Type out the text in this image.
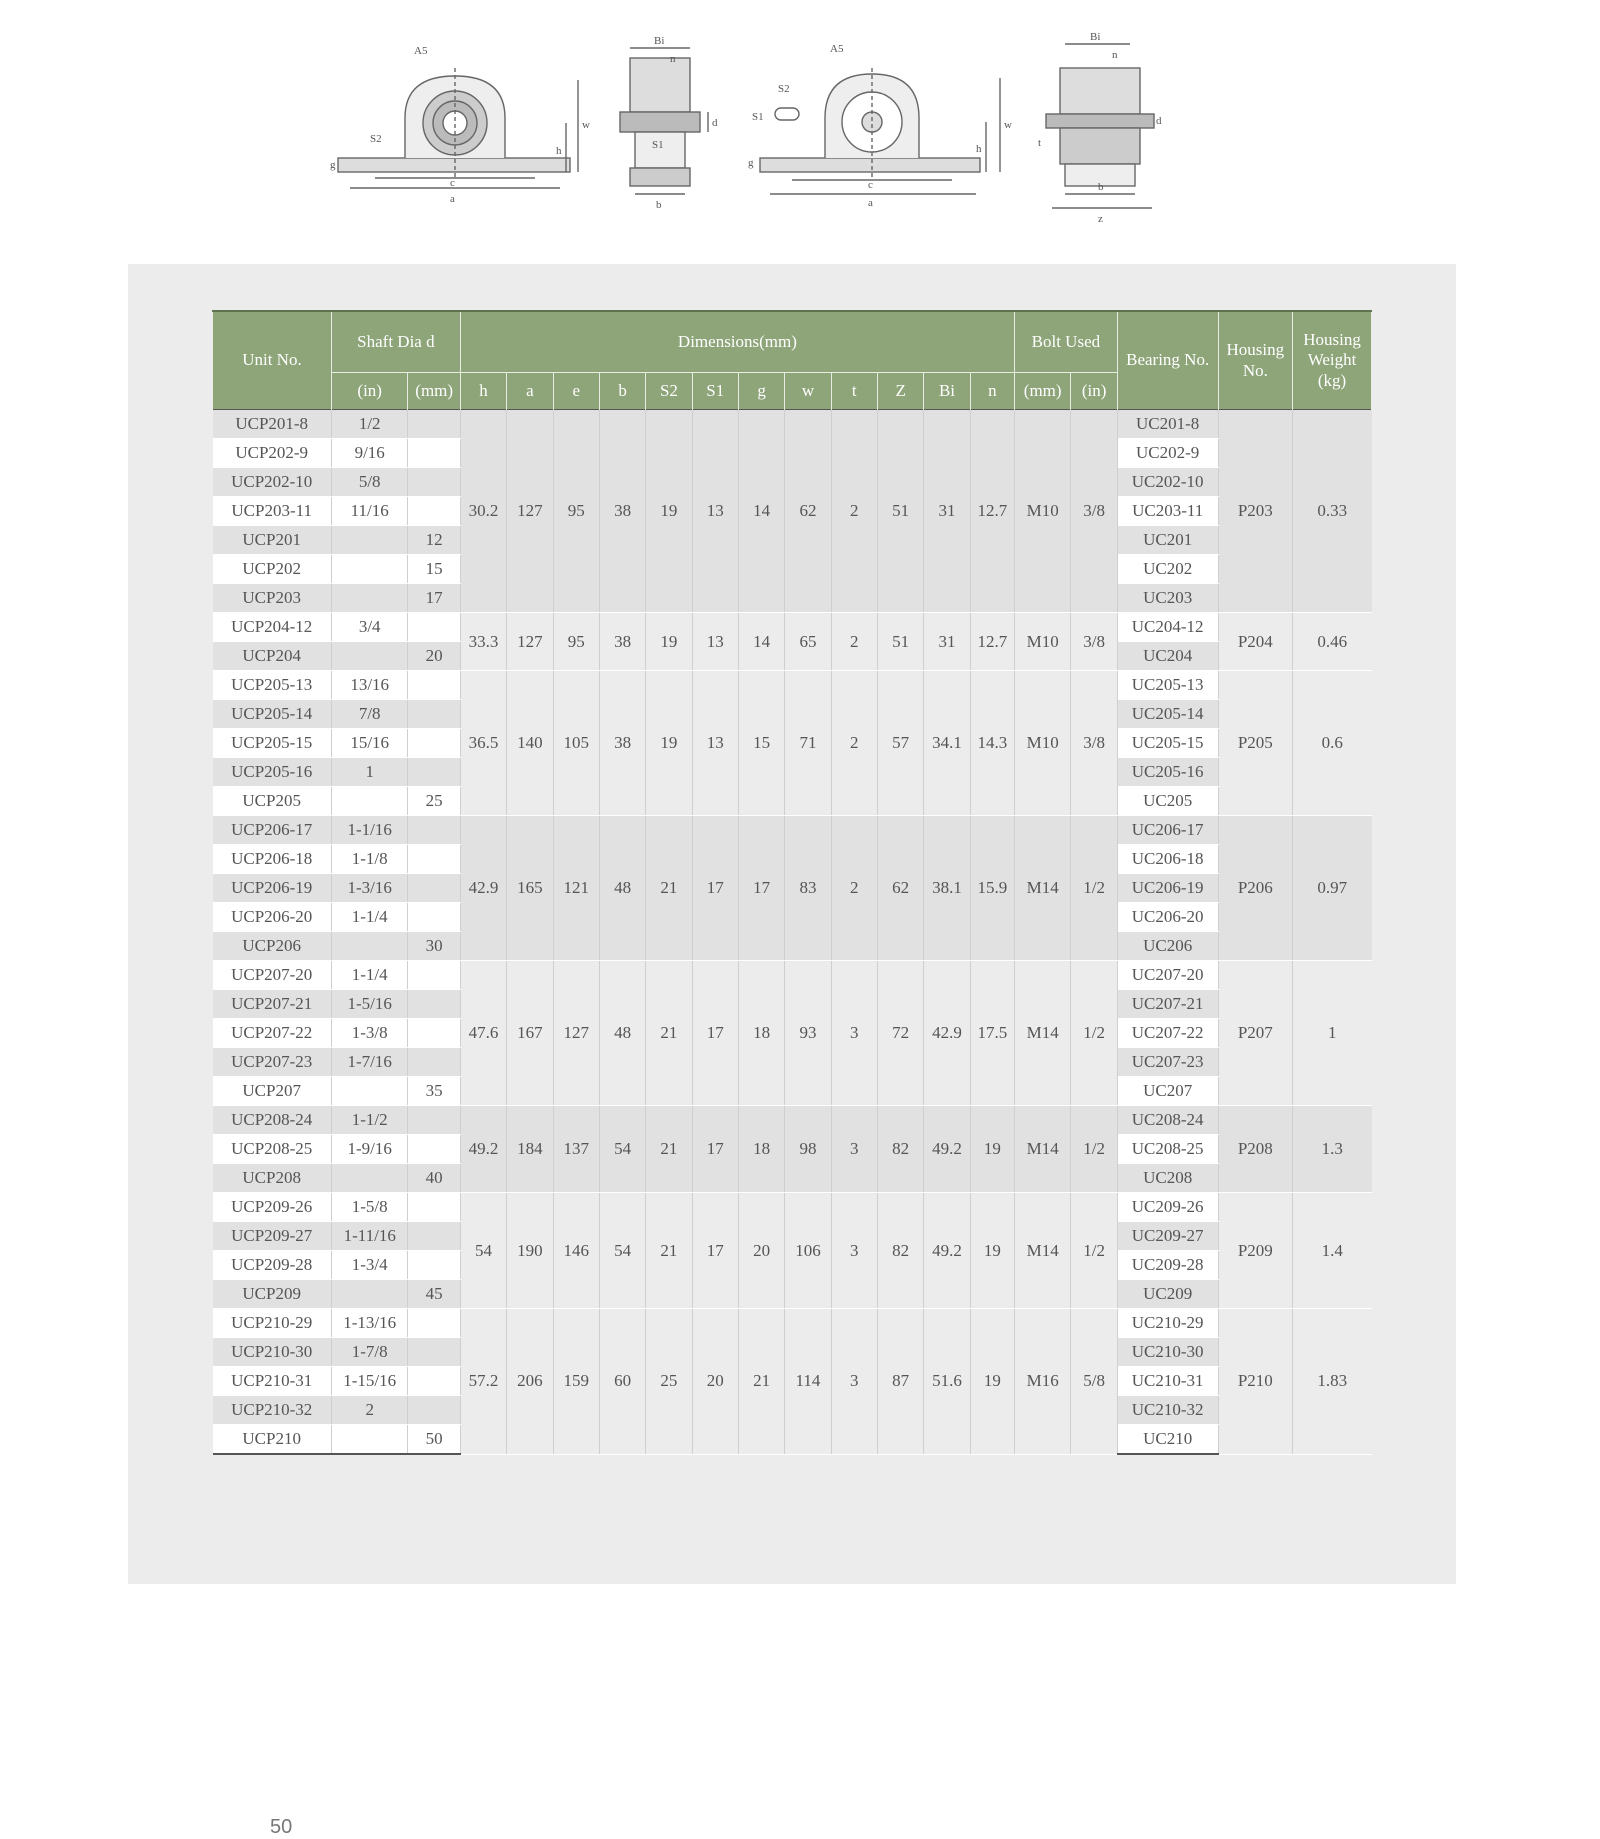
A5
S2
g
c
a
w
h
Bi
n
S1
d
b
A5
S2
S1
g
c
a
w
h
Bi
n
d
t
b
z
Unit No.	Shaft Dia d		Dimensions(mm)												Bolt Used		Bearing No.	Housing No.	Housing Weight (kg)
	(in)	(mm)	h	a	e	b	S2	S1	g	w	t	Z	Bi	n	(mm)	(in)			
UCP201-8	1/2		30.2	127	95	38	19	13	14	62	2	51	31	12.7	M10	3/8	UC201-8	P203	0.33
UCP202-9	9/16																UC202-9		
UCP202-10	5/8																UC202-10		
UCP203-11	11/16																UC203-11		
UCP201		12															UC201		
UCP202		15															UC202		
UCP203		17															UC203		
UCP204-12	3/4		33.3	127	95	38	19	13	14	65	2	51	31	12.7	M10	3/8	UC204-12	P204	0.46
UCP204		20															UC204		
UCP205-13	13/16		36.5	140	105	38	19	13	15	71	2	57	34.1	14.3	M10	3/8	UC205-13	P205	0.6
UCP205-14	7/8																UC205-14		
UCP205-15	15/16																UC205-15		
UCP205-16	1																UC205-16		
UCP205		25															UC205		
UCP206-17	1-1/16		42.9	165	121	48	21	17	17	83	2	62	38.1	15.9	M14	1/2	UC206-17	P206	0.97
UCP206-18	1-1/8																UC206-18		
UCP206-19	1-3/16																UC206-19		
UCP206-20	1-1/4																UC206-20		
UCP206		30															UC206		
UCP207-20	1-1/4		47.6	167	127	48	21	17	18	93	3	72	42.9	17.5	M14	1/2	UC207-20	P207	1
UCP207-21	1-5/16																UC207-21		
UCP207-22	1-3/8																UC207-22		
UCP207-23	1-7/16																UC207-23		
UCP207		35															UC207		
UCP208-24	1-1/2		49.2	184	137	54	21	17	18	98	3	82	49.2	19	M14	1/2	UC208-24	P208	1.3
UCP208-25	1-9/16																UC208-25		
UCP208		40															UC208		
UCP209-26	1-5/8		54	190	146	54	21	17	20	106	3	82	49.2	19	M14	1/2	UC209-26	P209	1.4
UCP209-27	1-11/16																UC209-27		
UCP209-28	1-3/4																UC209-28		
UCP209		45															UC209		
UCP210-29	1-13/16		57.2	206	159	60	25	20	21	114	3	87	51.6	19	M16	5/8	UC210-29	P210	1.83
UCP210-30	1-7/8																UC210-30		
UCP210-31	1-15/16																UC210-31		
UCP210-32	2																UC210-32		
UCP210		50															UC210		
50
